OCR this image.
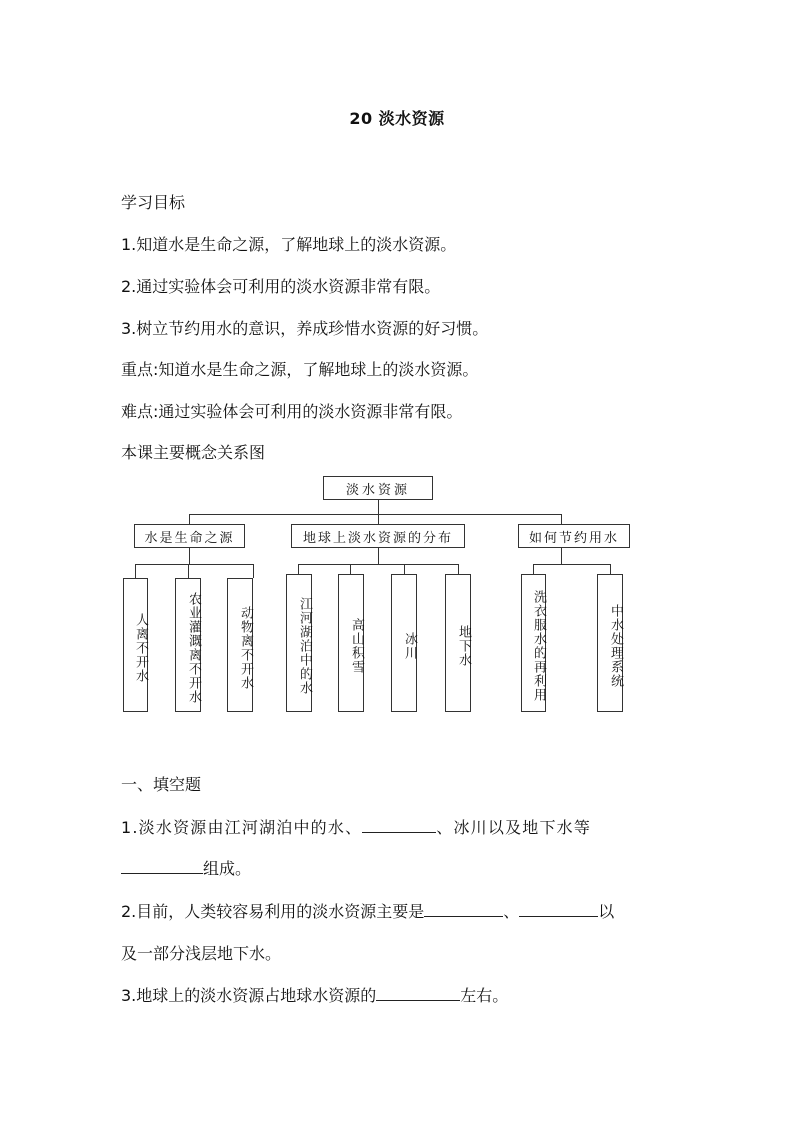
20 淡水资源
学习目标
1.知道水是生命之源，了解地球上的淡水资源。
2.通过实验体会可利用的淡水资源非常有限。
3.树立节约用水的意识，养成珍惜水资源的好习惯。
重点:知道水是生命之源，了解地球上的淡水资源。
难点:通过实验体会可利用的淡水资源非常有限。
本课主要概念关系图
淡水资源
水是生命之源	地球上淡水资源的分布	如何节约用水
人离不开水	农业灌溉离不开水	动物离不开水	江河湖泊中的水	高山积雪	冰川	地下水	洗衣服水的再利用	中水处理系统
一、填空题
1.淡水资源由江河湖泊中的水、	、冰川以及地下水等
组成。
2.目前，人类较容易利用的淡水资源主要是	、	以
及一部分浅层地下水。
3.地球上的淡水资源占地球水资源的	左右。
